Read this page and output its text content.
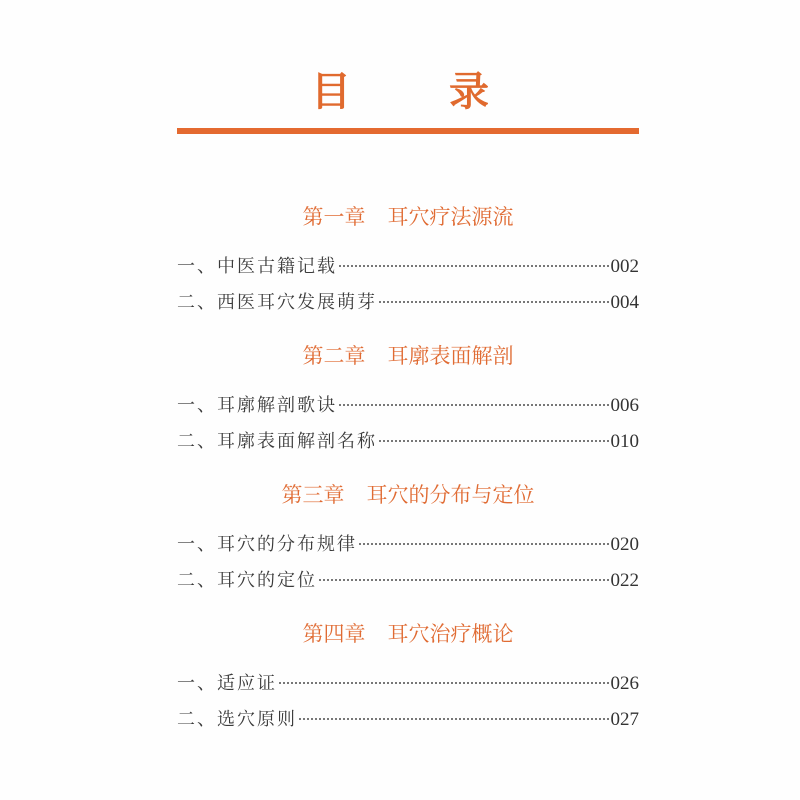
目 录
第一章 耳穴疗法源流
一、中医古籍记载	002
二、西医耳穴发展萌芽	004
第二章 耳廓表面解剖
一、耳廓解剖歌诀	006
二、耳廓表面解剖名称	010
第三章 耳穴的分布与定位
一、耳穴的分布规律	020
二、耳穴的定位	022
第四章 耳穴治疗概论
一、适应证	026
二、选穴原则	027
